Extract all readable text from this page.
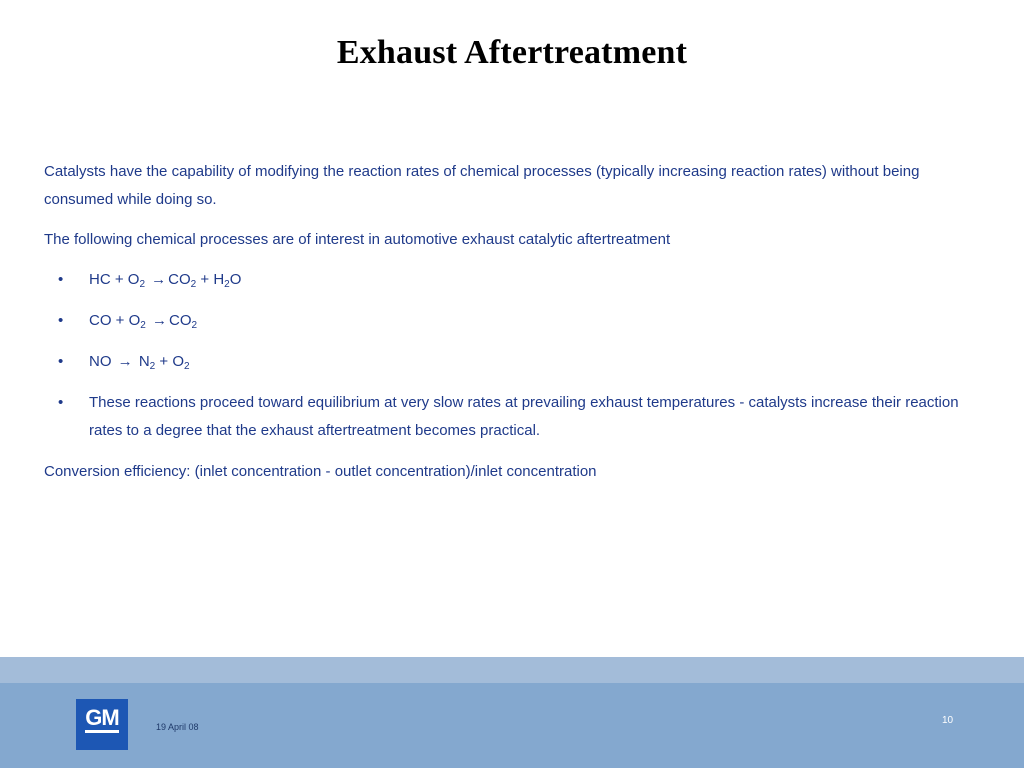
Exhaust Aftertreatment

Catalysts have the capability of modifying the reaction rates of chemical processes (typically increasing reaction rates) without being consumed while doing so.

The following chemical processes are of interest in automotive exhaust catalytic aftertreatment

• HC + $O_2 \to CO_2 + H_2O$
• CO + $O_2 \to CO_2$
• NO → $N_2 + O_2$
• These reactions proceed toward equilibrium at very slow rates at prevailing exhaust temperatures - catalysts increase their reaction rates to a degree that the exhaust aftertreatment becomes practical.

Conversion efficiency: (inlet concentration - outlet concentration)/inlet concentration

GM	19 April 08
10
